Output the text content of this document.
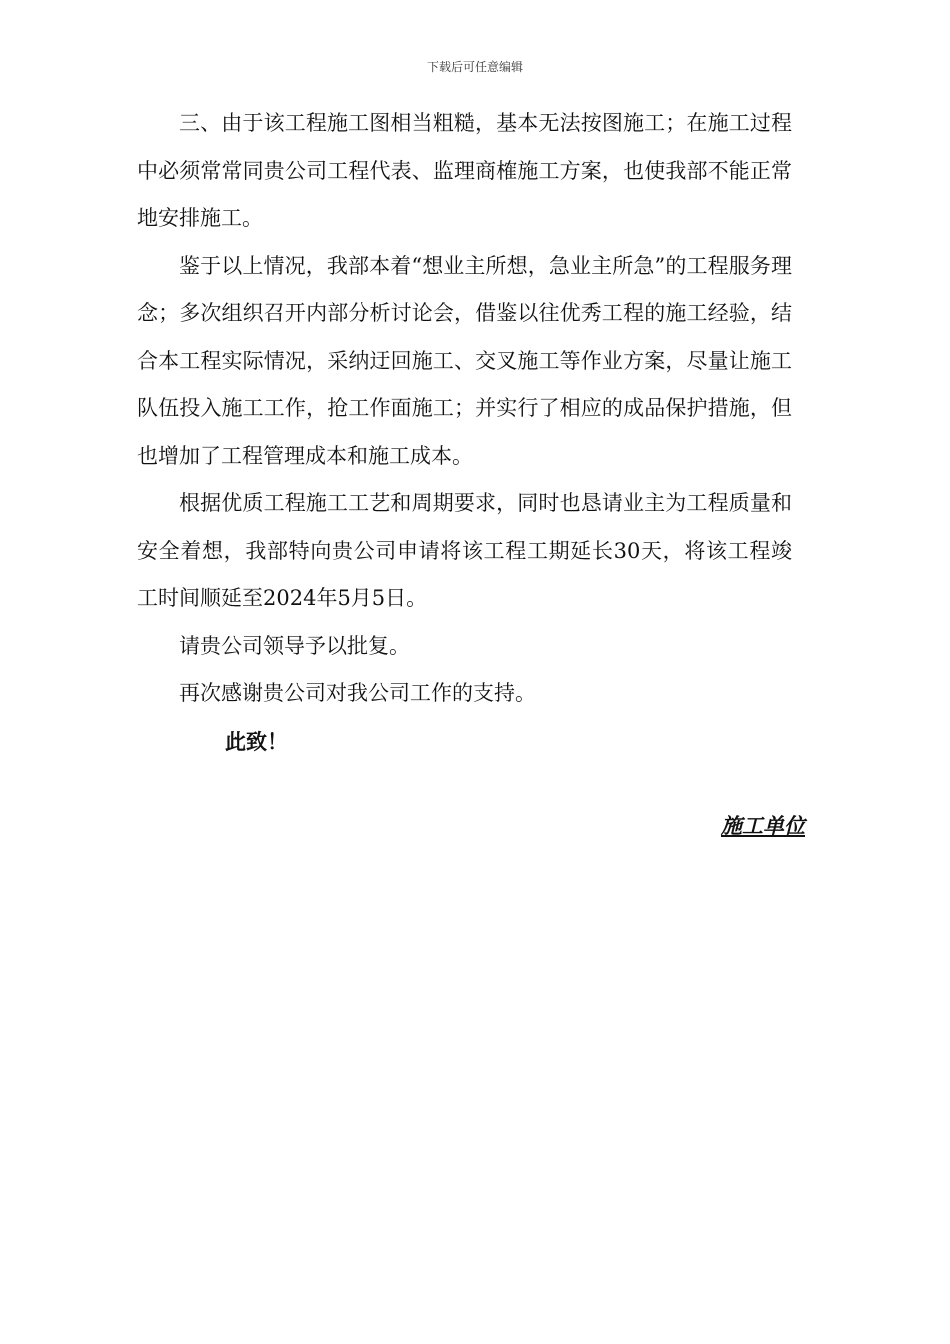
下载后可任意编辑

三、由于该工程施工图相当粗糙，基本无法按图施工；在施工过程中必须常常同贵公司工程代表、监理商榷施工方案，也使我部不能正常地安排施工。

鉴于以上情况，我部本着“想业主所想，急业主所急”的工程服务理念；多次组织召开内部分析讨论会，借鉴以往优秀工程的施工经验，结合本工程实际情况，采纳迂回施工、交叉施工等作业方案，尽量让施工队伍投入施工工作，抢工作面施工；并实行了相应的成品保护措施，但也增加了工程管理成本和施工成本。

根据优质工程施工工艺和周期要求，同时也恳请业主为工程质量和安全着想，我部特向贵公司申请将该工程工期延长30天，将该工程竣工时间顺延至2024年5月5日。

请贵公司领导予以批复。

再次感谢贵公司对我公司工作的支持。

此致！
施工单位
